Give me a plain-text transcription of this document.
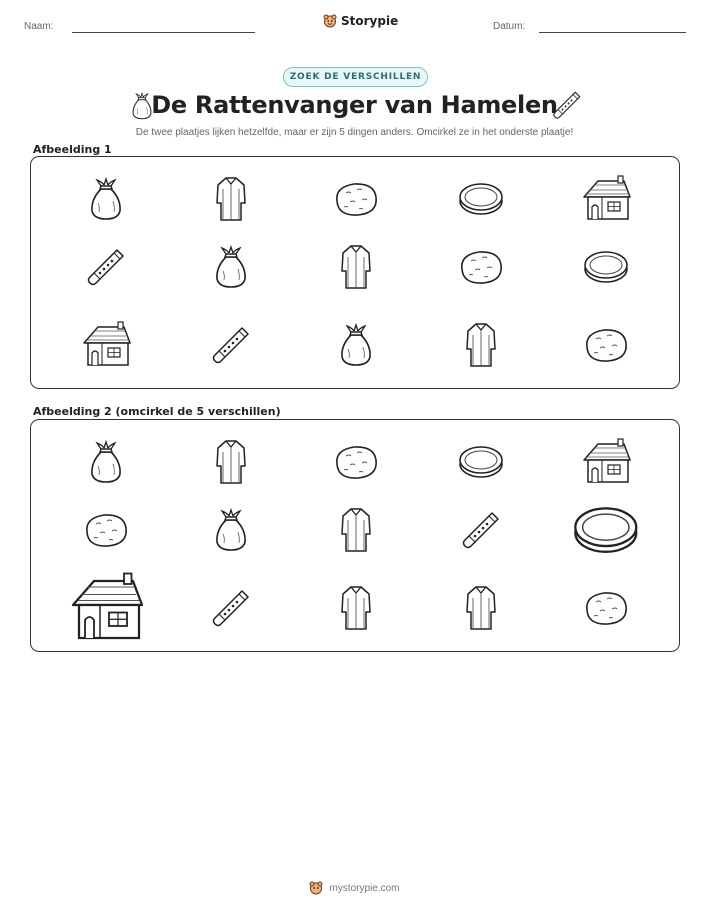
Naam:	Storypie	Datum:
ZOEK DE VERSCHILLEN
De Rattenvanger van Hamelen
De twee plaatjes lijken hetzelfde, maar er zijn 5 dingen anders. Omcirkel ze in het onderste plaatje!
Afbeelding 1
Afbeelding 2 (omcirkel de 5 verschillen)
mystorypie.com
